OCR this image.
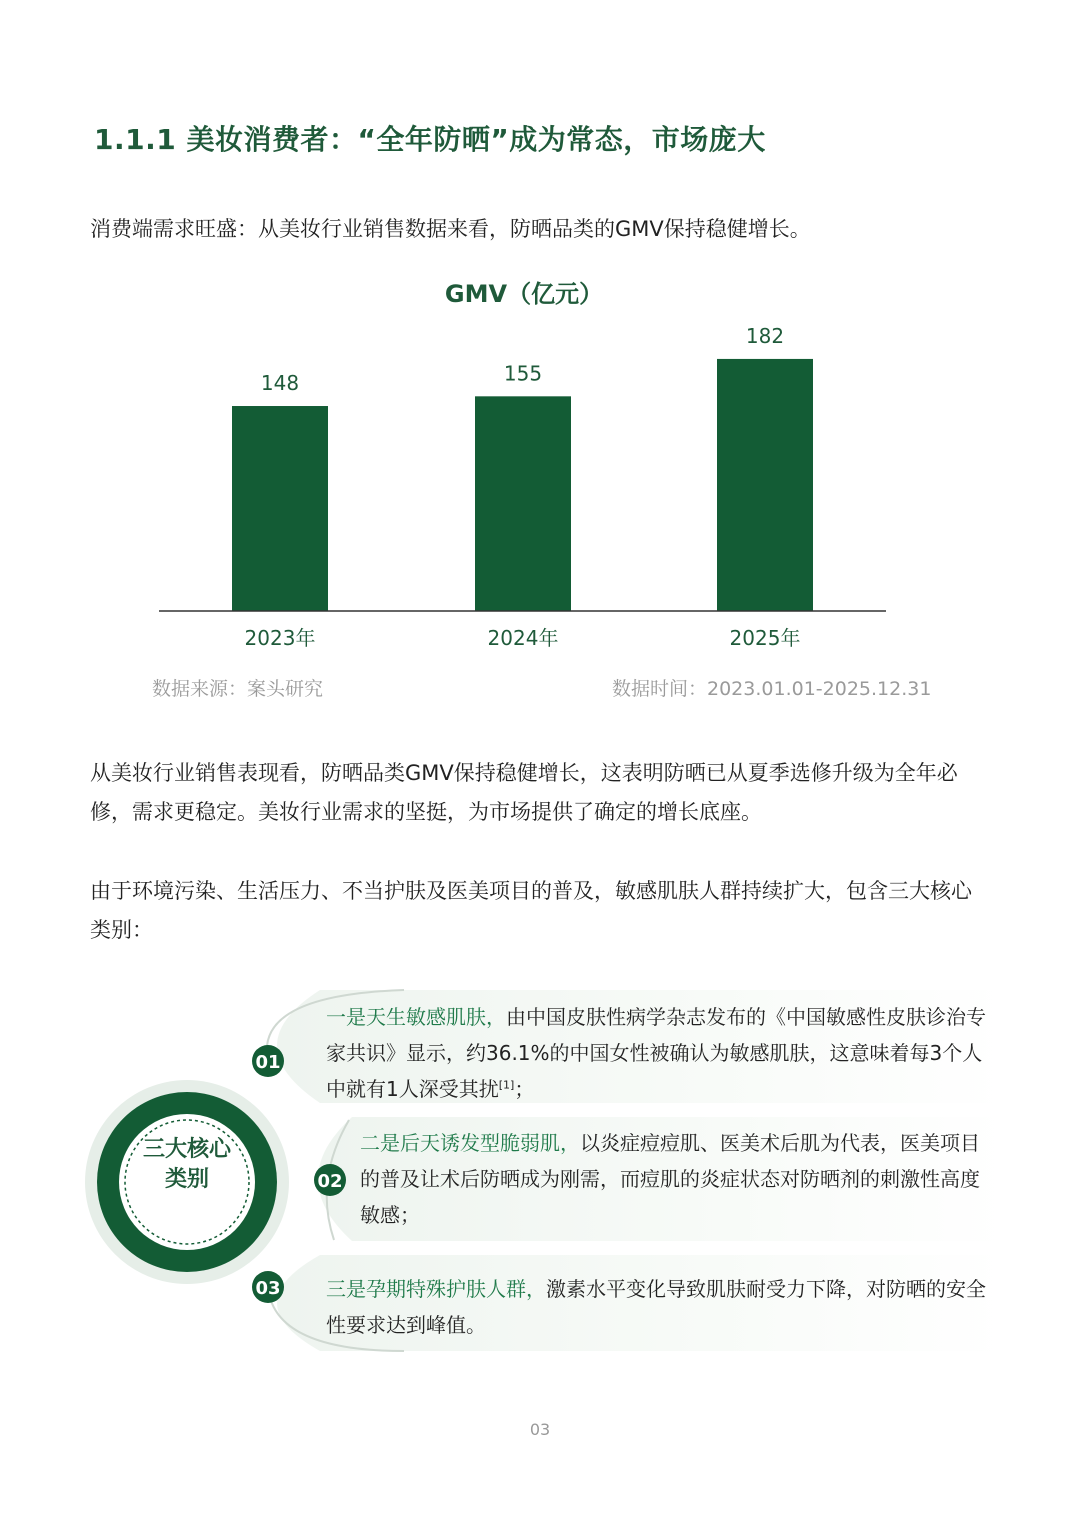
1.1.1 美妆消费者：“全年防晒”成为常态，市场庞大
消费端需求旺盛：从美妆行业销售数据来看，防晒品类的GMV保持稳健增长。
GMV（亿元）
148
2023年
155
2024年
182
2025年
数据来源：案头研究	数据时间：2023.01.01-2025.12.31
从美妆行业销售表现看，防晒品类GMV保持稳健增长，这表明防晒已从夏季选修升级为全年必修，需求更稳定。美妆行业需求的坚挺，为市场提供了确定的增长底座。
由于环境污染、生活压力、不当护肤及医美项目的普及，敏感肌肤人群持续扩大，包含三大核心类别：
01
02
03
三大核心
类别
一是天生敏感肌肤，由中国皮肤性病学杂志发布的《中国敏感性皮肤诊治专家共识》显示，约36.1%的中国女性被确认为敏感肌肤，这意味着每3个人中就有1人深受其扰[1]；
二是后天诱发型脆弱肌，以炎症痘痘肌、医美术后肌为代表，医美项目的普及让术后防晒成为刚需，而痘肌的炎症状态对防晒剂的刺激性高度敏感；
三是孕期特殊护肤人群，激素水平变化导致肌肤耐受力下降，对防晒的安全性要求达到峰值。
03
